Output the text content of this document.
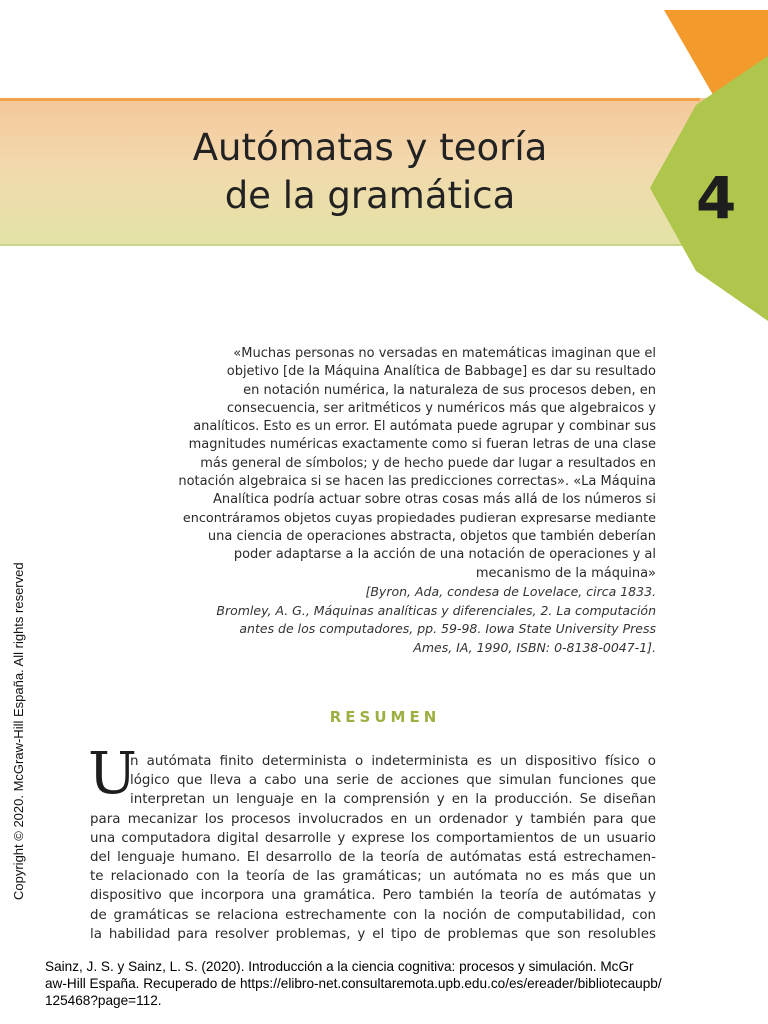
4
Autómatas y teoría
de la gramática
Copyright © 2020. McGraw-Hill España. All rights reserved
«Muchas personas no versadas en matemáticas imaginan que el
objetivo [de la Máquina Analítica de Babbage] es dar su resultado
en notación numérica, la naturaleza de sus procesos deben, en
consecuencia, ser aritméticos y numéricos más que algebraicos y
analíticos. Esto es un error. El autómata puede agrupar y combinar sus
magnitudes numéricas exactamente como si fueran letras de una clase
más general de símbolos; y de hecho puede dar lugar a resultados en
notación algebraica si se hacen las predicciones correctas». «La Máquina
Analítica podría actuar sobre otras cosas más allá de los números si
encontráramos objetos cuyas propiedades pudieran expresarse mediante
una ciencia de operaciones abstracta, objetos que también deberían
poder adaptarse a la acción de una notación de operaciones y al
mecanismo de la máquina»
[Byron, Ada, condesa de Lovelace, circa 1833.
Bromley, A. G., Máquinas analíticas y diferenciales, 2. La computación
antes de los computadores, pp. 59-98. Iowa State University Press
Ames, IA, 1990, ISBN: 0-8138-0047-1].
RESUMEN
U
n autómata finito determinista o indeterminista es un dispositivo físico o
lógico que lleva a cabo una serie de acciones que simulan funciones que
interpretan un lenguaje en la comprensión y en la producción. Se diseñan
para mecanizar los procesos involucrados en un ordenador y también para que
una computadora digital desarrolle y exprese los comportamientos de un usuario
del lenguaje humano. El desarrollo de la teoría de autómatas está estrechamen-
te relacionado con la teoría de las gramáticas; un autómata no es más que un
dispositivo que incorpora una gramática. Pero también la teoría de autómatas y
de gramáticas se relaciona estrechamente con la noción de computabilidad, con
la habilidad para resolver problemas, y el tipo de problemas que son resolubles
Sainz, J. S. y Sainz, L. S. (2020). Introducción a la ciencia cognitiva: procesos y simulación. McGr
aw-Hill España. Recuperado de https://elibro-net.consultaremota.upb.edu.co/es/ereader/bibliotecaupb/
125468?page=112.
